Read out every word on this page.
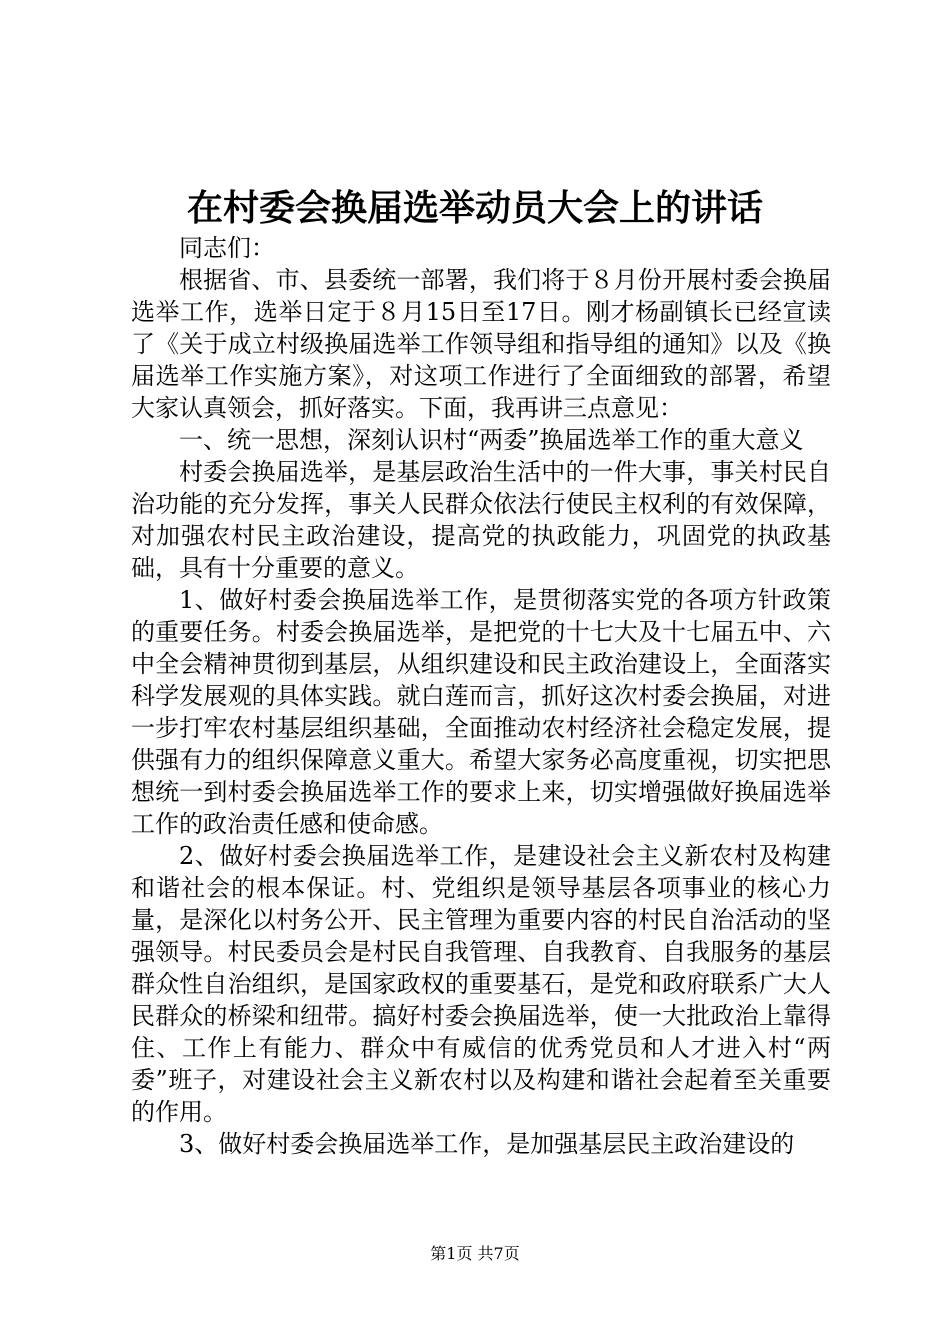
在村委会换届选举动员大会上的讲话

同志们：

根据省、市、县委统一部署，我们将于８月份开展村委会换届选举工作，选举日定于８月15日至17日。刚才杨副镇长已经宣读了《关于成立村级换届选举工作领导组和指导组的通知》以及《换届选举工作实施方案》，对这项工作进行了全面细致的部署，希望大家认真领会，抓好落实。下面，我再讲三点意见：

一、统一思想，深刻认识村“两委”换届选举工作的重大意义

村委会换届选举，是基层政治生活中的一件大事，事关村民自治功能的充分发挥，事关人民群众依法行使民主权利的有效保障，对加强农村民主政治建设，提高党的执政能力，巩固党的执政基础，具有十分重要的意义。

1、做好村委会换届选举工作，是贯彻落实党的各项方针政策的重要任务。村委会换届选举，是把党的十七大及十七届五中、六中全会精神贯彻到基层，从组织建设和民主政治建设上，全面落实科学发展观的具体实践。就白莲而言，抓好这次村委会换届，对进一步打牢农村基层组织基础，全面推动农村经济社会稳定发展，提供强有力的组织保障意义重大。希望大家务必高度重视，切实把思想统一到村委会换届选举工作的要求上来，切实增强做好换届选举工作的政治责任感和使命感。

2、做好村委会换届选举工作，是建设社会主义新农村及构建和谐社会的根本保证。村、党组织是领导基层各项事业的核心力量，是深化以村务公开、民主管理为重要内容的村民自治活动的坚强领导。村民委员会是村民自我管理、自我教育、自我服务的基层群众性自治组织，是国家政权的重要基石，是党和政府联系广大人民群众的桥梁和纽带。搞好村委会换届选举，使一大批政治上靠得住、工作上有能力、群众中有威信的优秀党员和人才进入村“两委”班子，对建设社会主义新农村以及构建和谐社会起着至关重要的作用。

3、做好村委会换届选举工作，是加强基层民主政治建设的

第1页 共7页
